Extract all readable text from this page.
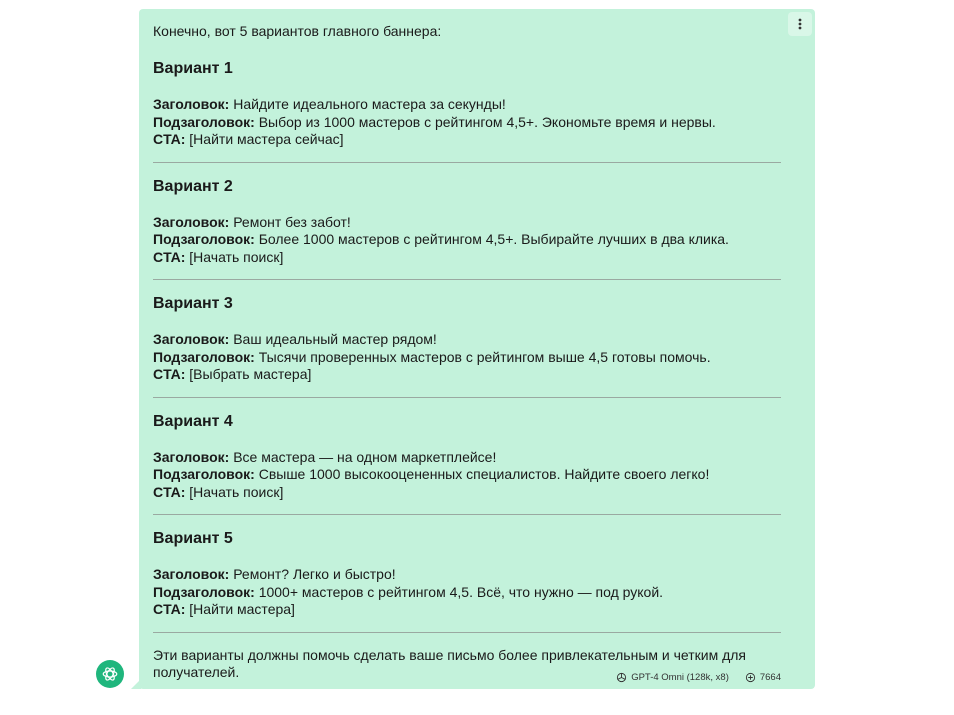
Конечно, вот 5 вариантов главного баннера:

Вариант 1
Заголовок: Найдите идеального мастера за секунды!
Подзаголовок: Выбор из 1000 мастеров с рейтингом 4,5+. Экономьте время и нервы.
CTA: [Найти мастера сейчас]
Вариант 2
Заголовок: Ремонт без забот!
Подзаголовок: Более 1000 мастеров с рейтингом 4,5+. Выбирайте лучших в два клика.
CTA: [Начать поиск]
Вариант 3
Заголовок: Ваш идеальный мастер рядом!
Подзаголовок: Тысячи проверенных мастеров с рейтингом выше 4,5 готовы помочь.
CTA: [Выбрать мастера]
Вариант 4
Заголовок: Все мастера — на одном маркетплейсе!
Подзаголовок: Свыше 1000 высокооцененных специалистов. Найдите своего легко!
CTA: [Начать поиск]
Вариант 5
Заголовок: Ремонт? Легко и быстро!
Подзаголовок: 1000+ мастеров с рейтингом 4,5. Всё, что нужно — под рукой.
CTA: [Найти мастера]

Эти варианты должны помочь сделать ваше письмо более привлекательным и четким для получателей.	GPT-4 Omni (128k, x8)	7664
